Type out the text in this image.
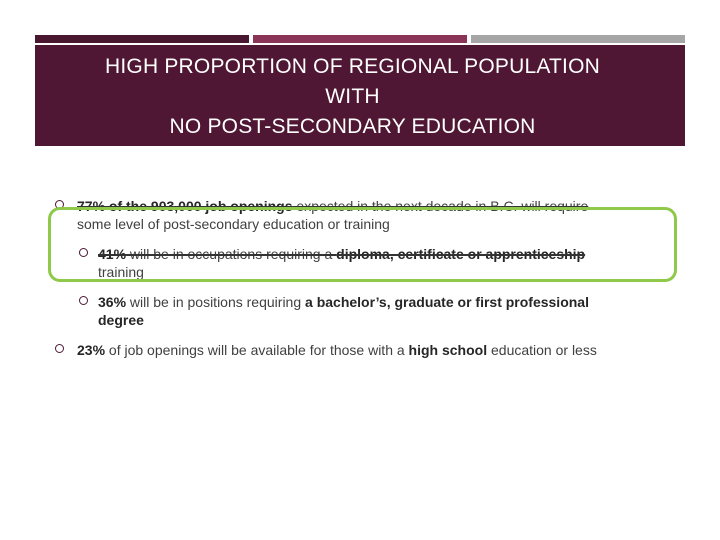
HIGH PROPORTION OF REGIONAL POPULATION
WITH
NO POST-SECONDARY EDUCATION
77% of the 903,000 job openings expected in the next decade in B.C. will require
some level of post-secondary education or training
41% will be in occupations requiring a diploma, certificate or apprenticeship
training
36% will be in positions requiring a bachelor’s, graduate or first professional
degree
23% of job openings will be available for those with a high school education or less
